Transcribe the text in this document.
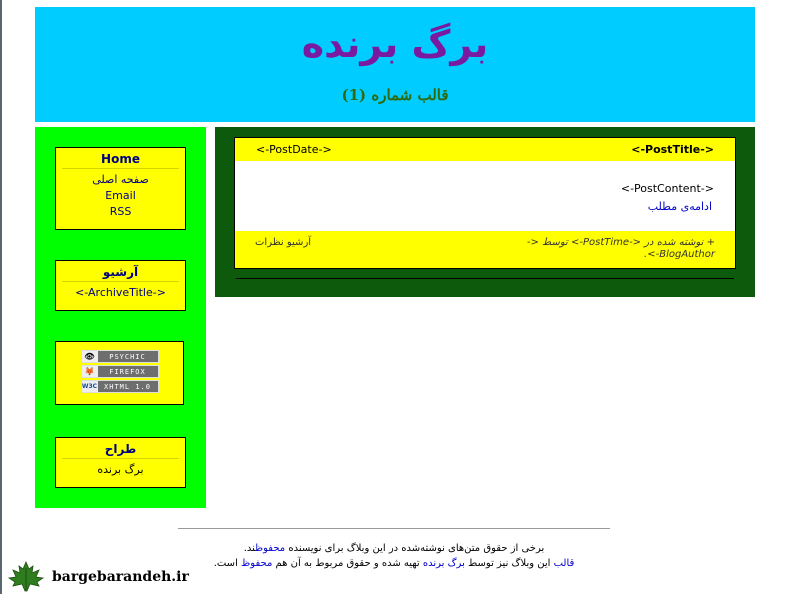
برگ برنده
قالب شماره (1)
Home
صفحه اصلی
Email
RSS
آرشیو
<-ArchiveTitle->
👁	PSYCHIC
🦊	FIREFOX
W3C XHTML 1.0
طراح
برگ برنده
<-PostTitle->
<-PostDate->
<-PostContent->
ادامه‌ی مطلب
+ نوشته شده در <-PostTime-> توسط <-BlogAuthor->.
آرشیو نظرات
برخی از حقوق متن‌های نوشته‌شده در این وبلاگ برای نویسنده محفوظند.
قالب این وبلاگ نیز توسط برگ برنده تهیه شده و حقوق مربوط به آن هم محفوظ است.
bargebarandeh.ir
